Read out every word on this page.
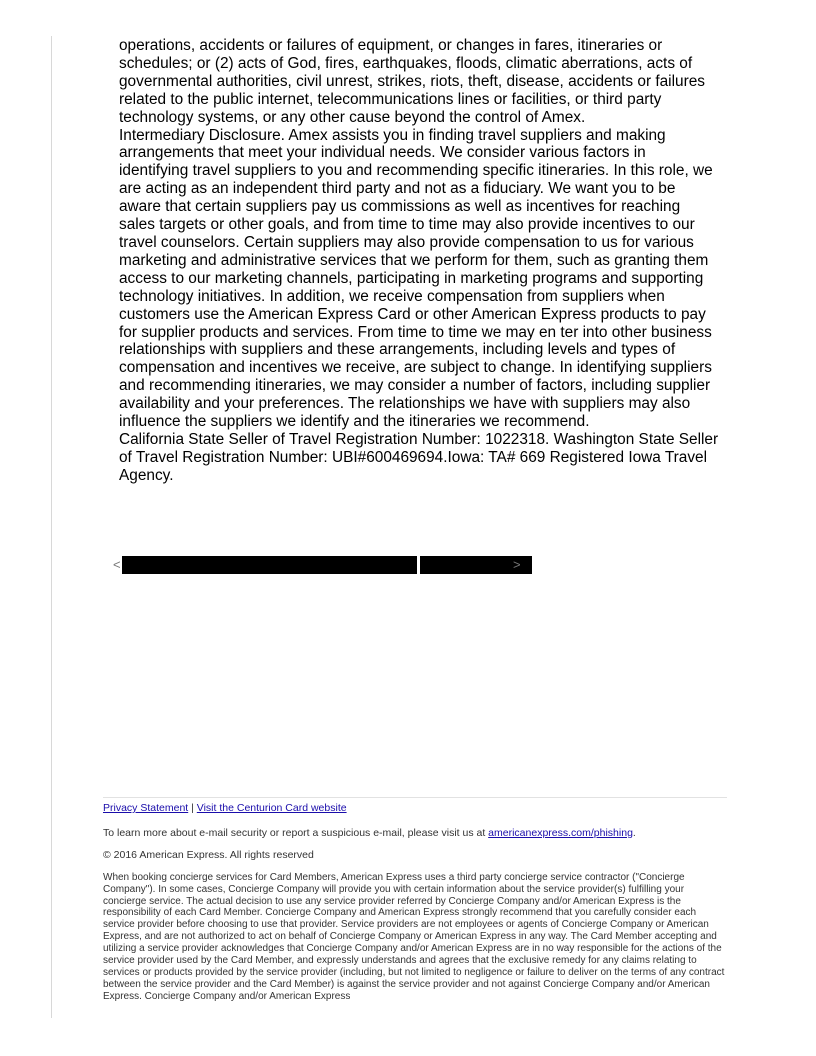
operations, accidents or failures of equipment, or changes in fares, itineraries or schedules; or (2) acts of God, fires, earthquakes, floods, climatic aberrations, acts of governmental authorities, civil unrest, strikes, riots, theft, disease, accidents or failures related to the public internet, telecommunications lines or facilities, or third party technology systems, or any other cause beyond the control of Amex.

Intermediary Disclosure. Amex assists you in finding travel suppliers and making arrangements that meet your individual needs. We consider various factors in identifying travel suppliers to you and recommending specific itineraries. In this role, we are acting as an independent third party and not as a fiduciary. We want you to be aware that certain suppliers pay us commissions as well as incentives for reaching sales targets or other goals, and from time to time may also provide incentives to our travel counselors. Certain suppliers may also provide compensation to us for various marketing and administrative services that we perform for them, such as granting them access to our marketing channels, participating in marketing programs and supporting technology initiatives. In addition, we receive compensation from suppliers when customers use the American Express Card or other American Express products to pay for supplier products and services. From time to time we may en ter into other business relationships with suppliers and these arrangements, including levels and types of compensation and incentives we receive, are subject to change. In identifying suppliers and recommending itineraries, we may consider a number of factors, including supplier availability and your preferences. The relationships we have with suppliers may also influence the suppliers we identify and the itineraries we recommend.

California State Seller of Travel Registration Number: 1022318. Washington State Seller of Travel Registration Number: UBI#600469694.Iowa: TA# 669 Registered Iowa Travel Agency.

<	>
Privacy Statement | Visit the Centurion Card website

To learn more about e-mail security or report a suspicious e-mail, please visit us at americanexpress.com/phishing.

© 2016 American Express. All rights reserved

When booking concierge services for Card Members, American Express uses a third party concierge service contractor ("Concierge Company"). In some cases, Concierge Company will provide you with certain information about the service provider(s) fulfilling your concierge service. The actual decision to use any service provider referred by Concierge Company and/or American Express is the responsibility of each Card Member. Concierge Company and American Express strongly recommend that you carefully consider each service provider before choosing to use that provider. Service providers are not employees or agents of Concierge Company or American Express, and are not authorized to act on behalf of Concierge Company or American Express in any way. The Card Member accepting and utilizing a service provider acknowledges that Concierge Company and/or American Express are in no way responsible for the actions of the service provider used by the Card Member, and expressly understands and agrees that the exclusive remedy for any claims relating to services or products provided by the service provider (including, but not limited to negligence or failure to deliver on the terms of any contract between the service provider and the Card Member) is against the service provider and not against Concierge Company and/or American Express. Concierge Company and/or American Express
